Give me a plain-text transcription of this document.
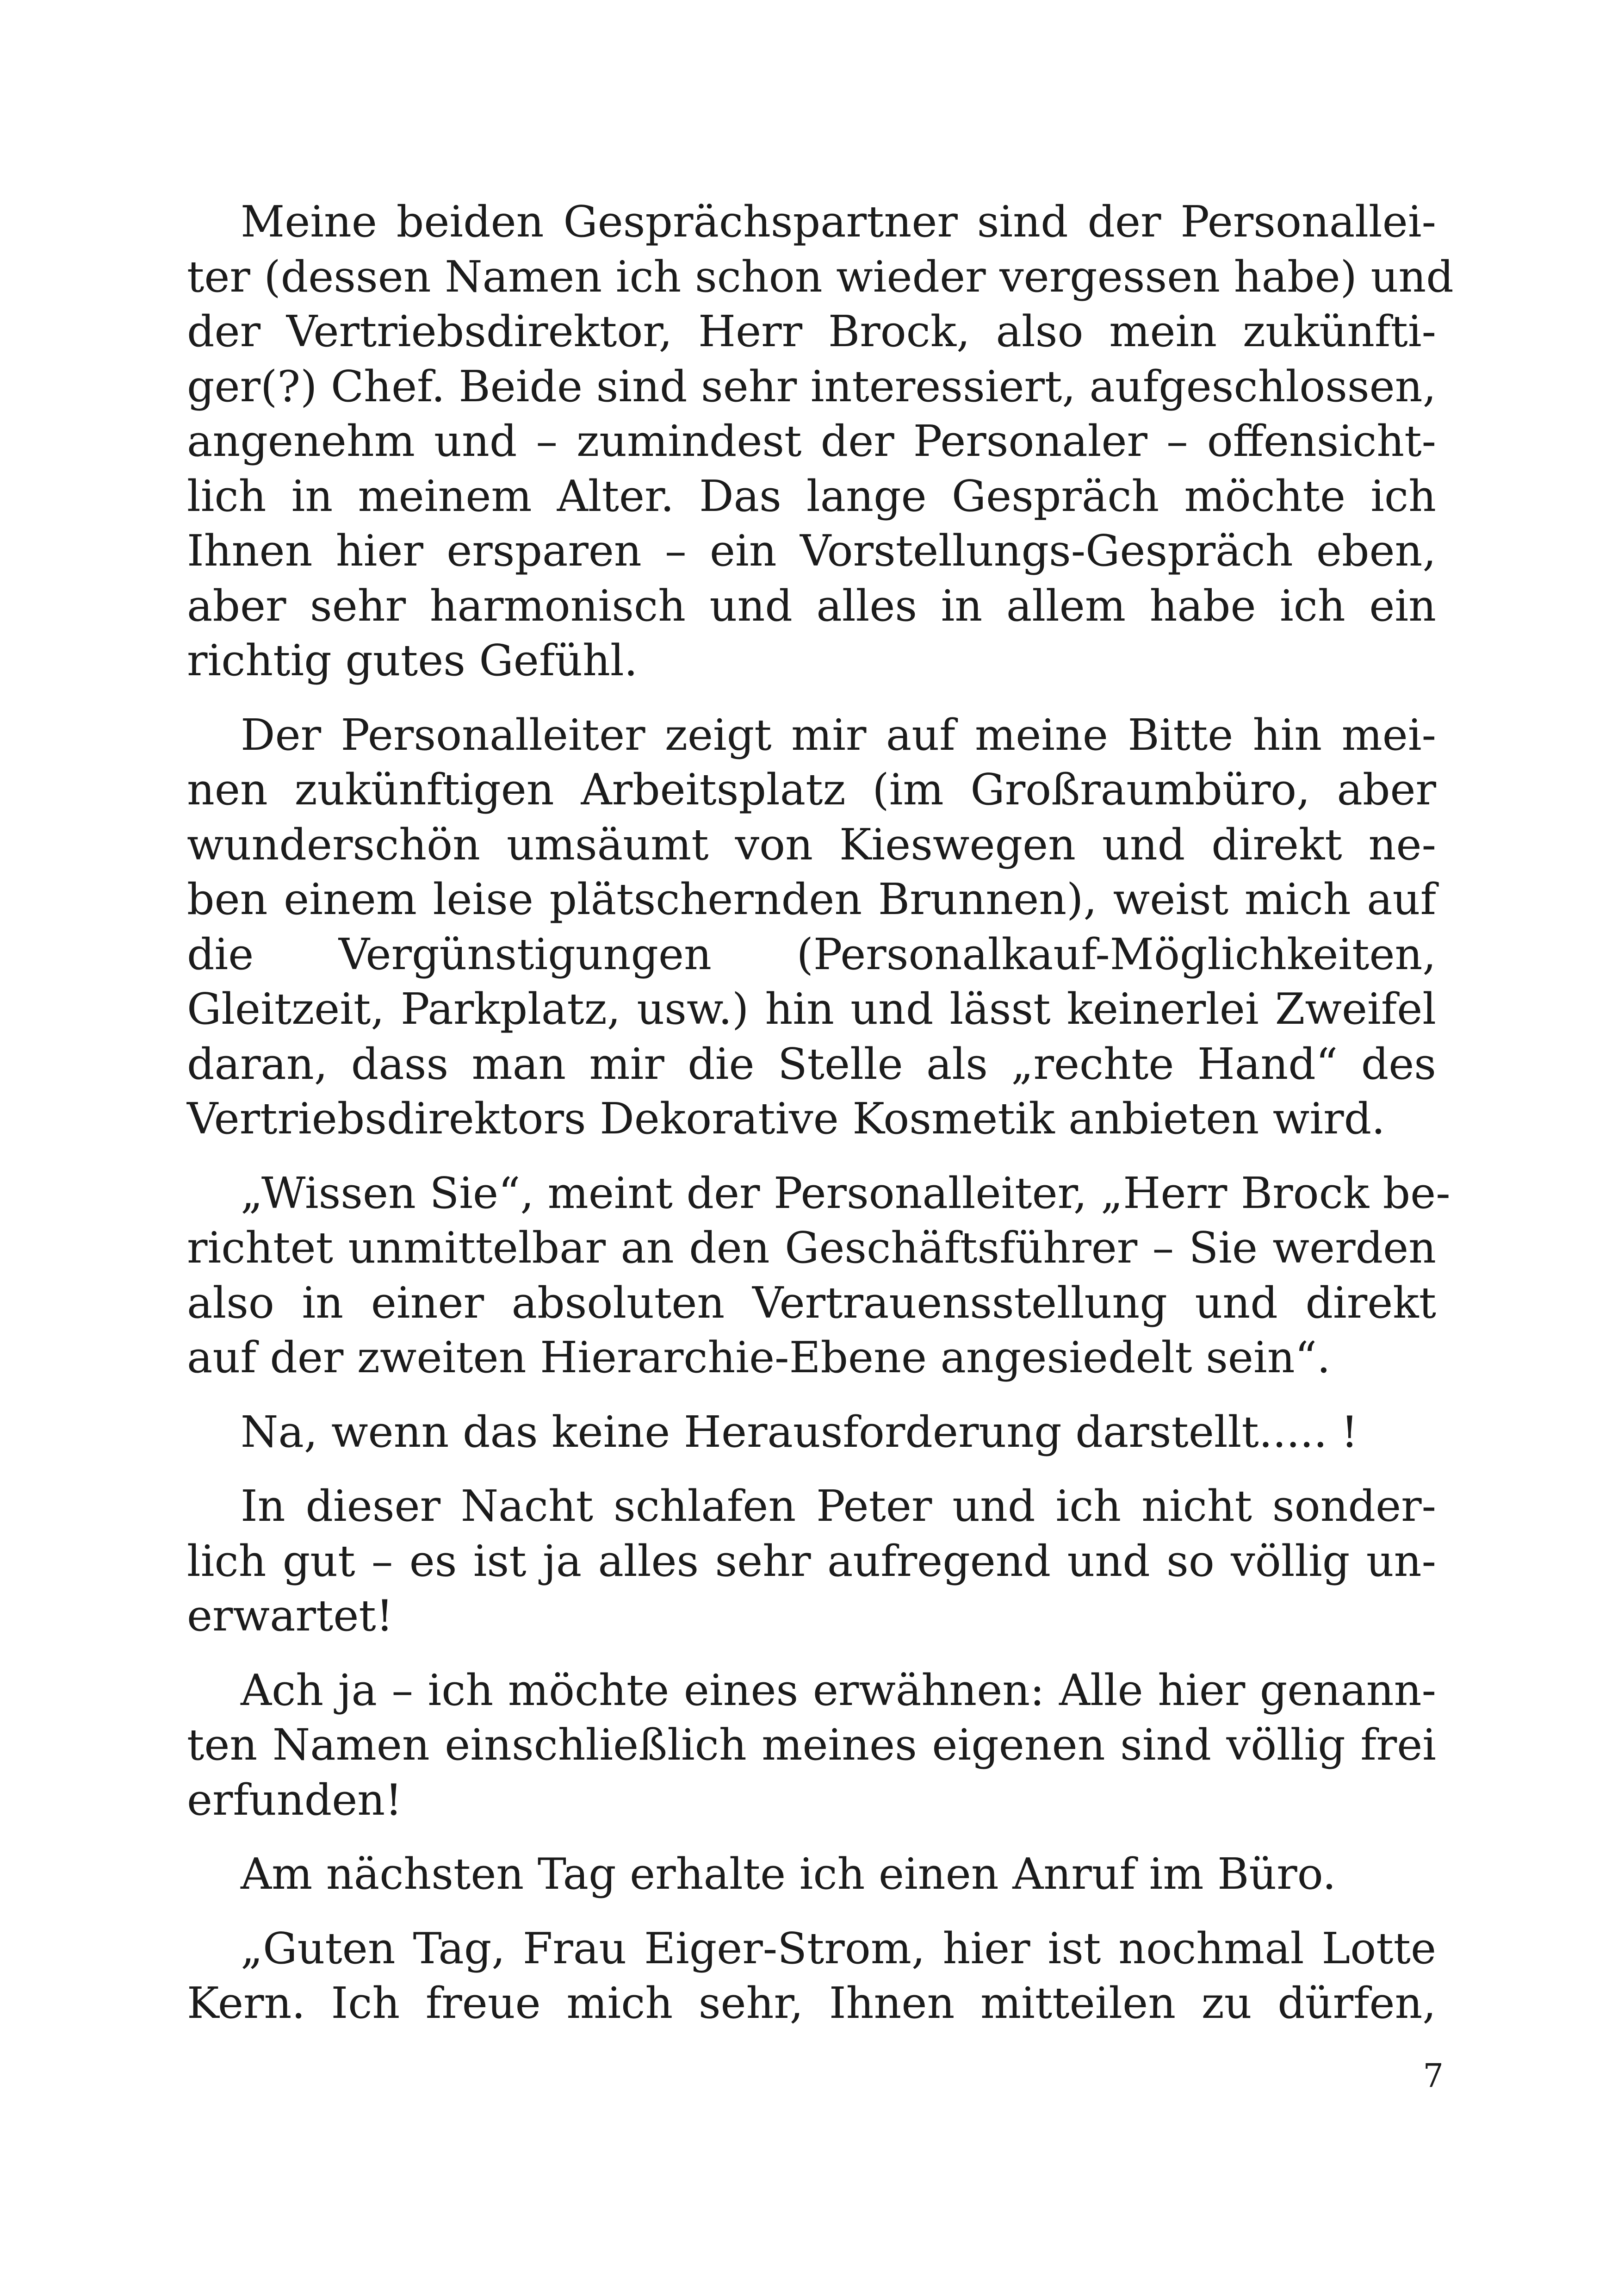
Meine beiden Gesprächspartner sind der Personallei-
ter (dessen Namen ich schon wieder vergessen habe) und
der Vertriebsdirektor, Herr Brock, also mein zukünfti-
ger(?) Chef. Beide sind sehr interessiert, aufgeschlossen,
angenehm und – zumindest der Personaler – offensicht-
lich in meinem Alter. Das lange Gespräch möchte ich
Ihnen hier ersparen – ein Vorstellungs-Gespräch eben,
aber sehr harmonisch und alles in allem habe ich ein
richtig gutes Gefühl.
Der Personalleiter zeigt mir auf meine Bitte hin mei-
nen zukünftigen Arbeitsplatz (im Großraumbüro, aber
wunderschön umsäumt von Kieswegen und direkt ne-
ben einem leise plätschernden Brunnen), weist mich auf
die Vergünstigungen (Personalkauf-Möglichkeiten,
Gleitzeit, Parkplatz, usw.) hin und lässt keinerlei Zweifel
daran, dass man mir die Stelle als „rechte Hand“ des
Vertriebsdirektors Dekorative Kosmetik anbieten wird.
„Wissen Sie“, meint der Personalleiter, „Herr Brock be-
richtet unmittelbar an den Geschäftsführer – Sie werden
also in einer absoluten Vertrauensstellung und direkt
auf der zweiten Hierarchie-Ebene angesiedelt sein“.
Na, wenn das keine Herausforderung darstellt..... !
In dieser Nacht schlafen Peter und ich nicht sonder-
lich gut – es ist ja alles sehr aufregend und so völlig un-
erwartet!
Ach ja – ich möchte eines erwähnen: Alle hier genann-
ten Namen einschließlich meines eigenen sind völlig frei
erfunden!
Am nächsten Tag erhalte ich einen Anruf im Büro.
„Guten Tag, Frau Eiger-Strom, hier ist nochmal Lotte
Kern. Ich freue mich sehr, Ihnen mitteilen zu dürfen,
7
